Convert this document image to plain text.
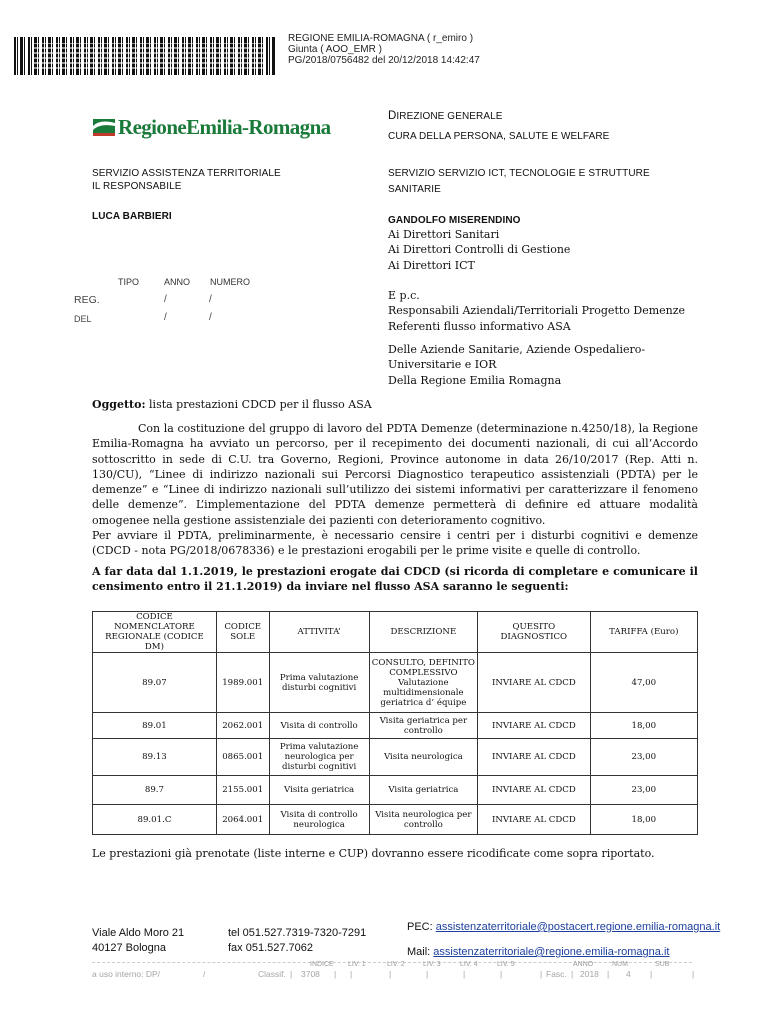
REGIONE EMILIA-ROMAGNA ( r_emiro )
Giunta ( AOO_EMR )
PG/2018/0756482 del 20/12/2018 14:42:47
RegioneEmilia-Romagna	DIREZIONE GENERALE
CURA DELLA PERSONA, SALUTE E WELFARE
SERVIZIO SERVIZIO ICT, TECNOLOGIE E STRUTTURE
SANITARIE
SERVIZIO ASSISTENZA TERRITORIALE
IL RESPONSABILE
LUCA BARBIERI
TIPO	ANNO NUMERO
REG.	/	/
DEL	/	/
GANDOLFO MISERENDINO
Ai Direttori Sanitari
Ai Direttori Controlli di Gestione
Ai Direttori ICT
E p.c.
Responsabili Aziendali/Territoriali Progetto Demenze
Referenti flusso informativo ASA
Delle Aziende Sanitarie, Aziende Ospedaliero-
Universitarie e IOR
Della Regione Emilia Romagna
Oggetto: lista prestazioni CDCD per il flusso ASA
Con la costituzione del gruppo di lavoro del PDTA Demenze (determinazione n.4250/18), la Regione Emilia-Romagna ha avviato un percorso, per il recepimento dei documenti nazionali, di cui all’Accordo sottoscritto in sede di C.U. tra Governo, Regioni, Province autonome in data 26/10/2017 (Rep. Atti n. 130/CU), “Linee di indirizzo nazionali sui Percorsi Diagnostico terapeutico assistenziali (PDTA) per le demenze” e “Linee di indirizzo nazionali sull’utilizzo dei sistemi informativi per caratterizzare il fenomeno delle demenze”. L’implementazione del PDTA demenze permetterà di definire ed attuare modalità omogenee nella gestione assistenziale dei pazienti con deterioramento cognitivo.
Per avviare il PDTA, preliminarmente, è necessario censire i centri per i disturbi cognitivi e demenze (CDCD - nota PG/2018/0678336) e le prestazioni erogabili per le prime visite e quelle di controllo.
A far data dal 1.1.2019, le prestazioni erogate dai CDCD (si ricorda di completare e comunicare il censimento entro il 21.1.2019) da inviare nel flusso ASA saranno le seguenti:
CODICE NOMENCLATORE REGIONALE (CODICE DM)	CODICE SOLE	ATTIVITA’	DESCRIZIONE	QUESITO DIAGNOSTICO	TARIFFA (Euro)
89.07	1989.001	Prima valutazione disturbi cognitivi	CONSULTO, DEFINITO COMPLESSIVO Valutazione multidimensionale geriatrica d’ équipe	INVIARE AL CDCD	47,00
89.01	2062.001	Visita di controllo	Visita geriatrica per controllo	INVIARE AL CDCD	18,00
89.13	0865.001	Prima valutazione neurologica per disturbi cognitivi	Visita neurologica	INVIARE AL CDCD	23,00
89.7	2155.001	Visita geriatrica	Visita geriatrica	INVIARE AL CDCD	23,00
89.01.C	2064.001	Visita di controllo neurologica	Visita neurologica per controllo	INVIARE AL CDCD	18,00
Le prestazioni già prenotate (liste interne e CUP) dovranno essere ricodificate come sopra riportato.
Viale Aldo Moro 21
40127 Bologna
tel 051.527.7319-7320-7291
fax 051.527.7062
PEC: assistenzaterritoriale@postacert.regione.emilia-romagna.it
Mail: assistenzaterritoriale@regione.emilia-romagna.it
INDICE LIV. 1	LIV. 2	LIV. 3	LIV. 4	LIV. 5	ANNO	NUM	SUB
a uso interno: DP/	/	Classif. | 3708 | |	|	|	|	|	| Fasc. | 2018 | 4 |	|
